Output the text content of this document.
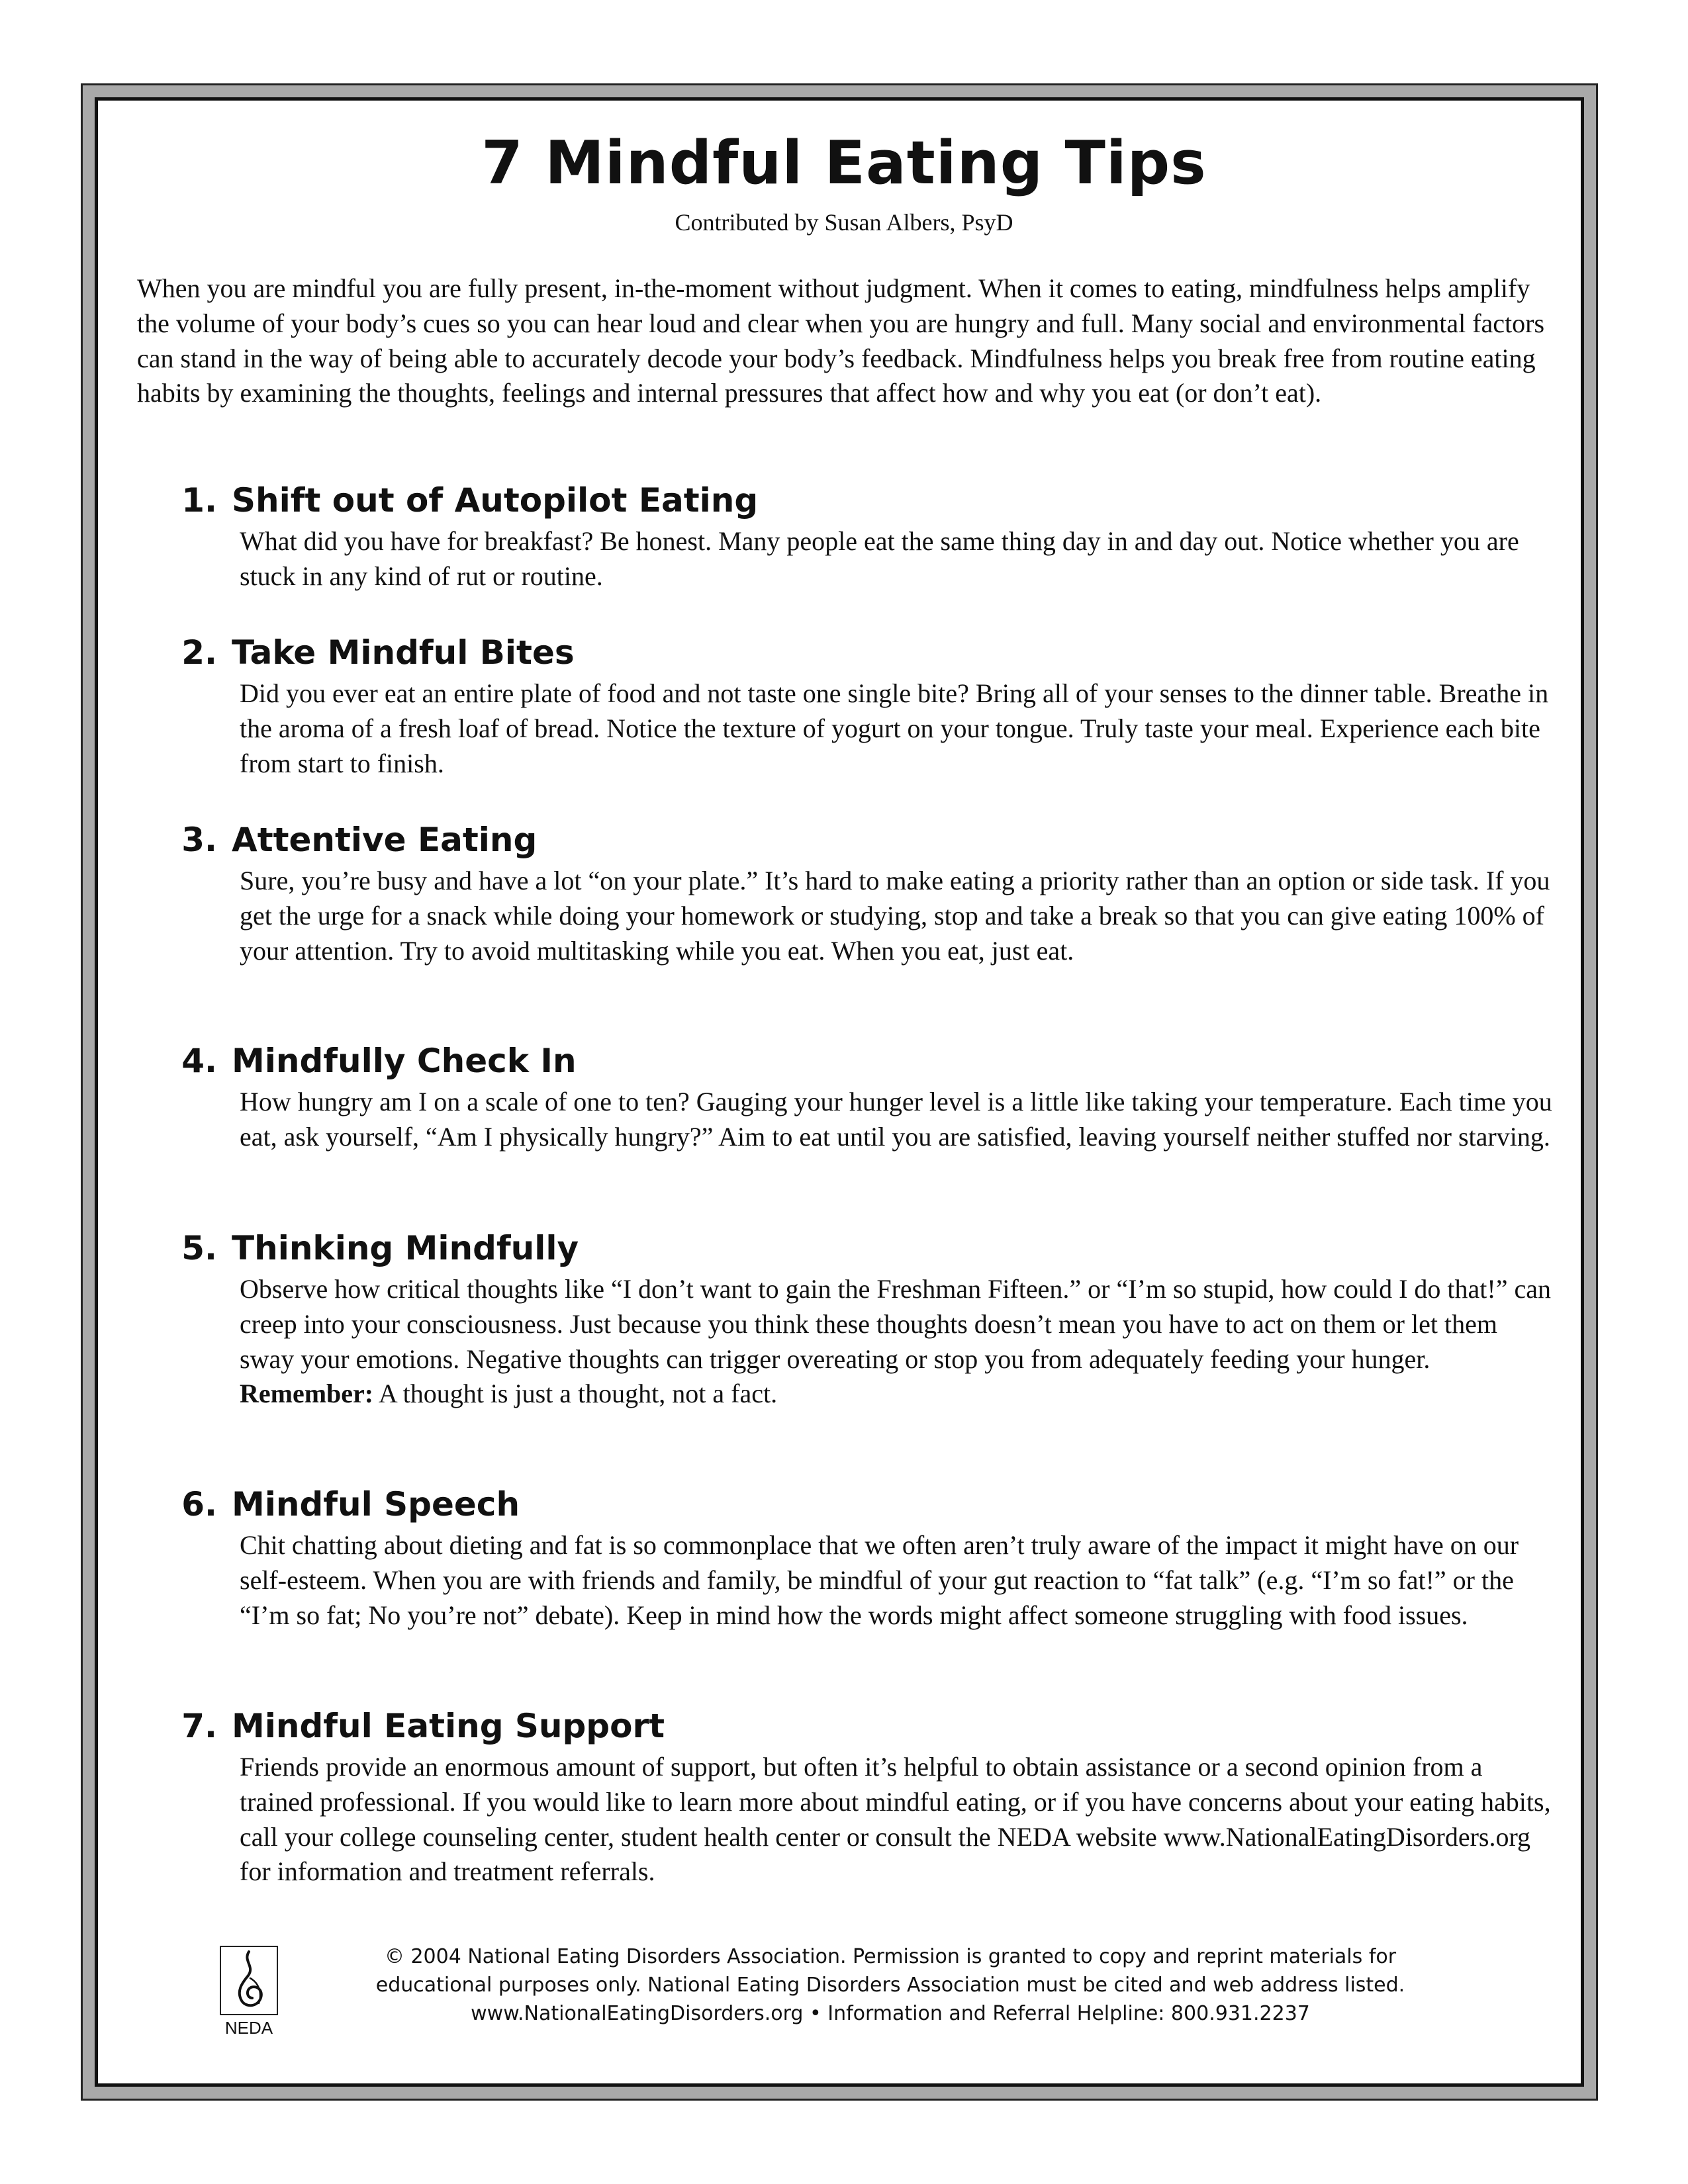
7 Mindful Eating Tips

Contributed by Susan Albers, PsyD

When you are mindful you are fully present, in-the-moment without judgment. When it comes to eating, mindfulness helps amplify the volume of your body’s cues so you can hear loud and clear when you are hungry and full. Many social and environmental factors can stand in the way of being able to accurately decode your body’s feedback. Mindfulness helps you break free from routine eating habits by examining the thoughts, feelings and internal pressures that affect how and why you eat (or don’t eat).

1. Shift out of Autopilot Eating

What did you have for breakfast? Be honest. Many people eat the same thing day in and day out. Notice whether you are stuck in any kind of rut or routine.

2. Take Mindful Bites

Did you ever eat an entire plate of food and not taste one single bite? Bring all of your senses to the dinner table. Breathe in the aroma of a fresh loaf of bread. Notice the texture of yogurt on your tongue. Truly taste your meal. Experience each bite from start to finish.

3. Attentive Eating

Sure, you’re busy and have a lot “on your plate.” It’s hard to make eating a priority rather than an option or side task. If you get the urge for a snack while doing your homework or studying, stop and take a break so that you can give eating 100% of your attention. Try to avoid multitasking while you eat. When you eat, just eat.

4. Mindfully Check In

How hungry am I on a scale of one to ten? Gauging your hunger level is a little like taking your temperature. Each time you eat, ask yourself, “Am I physically hungry?” Aim to eat until you are satisfied, leaving yourself neither stuffed nor starving.

5. Thinking Mindfully

Observe how critical thoughts like “I don’t want to gain the Freshman Fifteen.” or “I’m so stupid, how could I do that!” can creep into your consciousness. Just because you think these thoughts doesn’t mean you have to act on them or let them sway your emotions. Negative thoughts can trigger overeating or stop you from adequately feeding your hunger.

Remember: A thought is just a thought, not a fact.

6. Mindful Speech

Chit chatting about dieting and fat is so commonplace that we often aren’t truly aware of the impact it might have on our self-esteem. When you are with friends and family, be mindful of your gut reaction to “fat talk” (e.g. “I’m so fat!” or the “I’m so fat; No you’re not” debate). Keep in mind how the words might affect someone struggling with food issues.

7. Mindful Eating Support

Friends provide an enormous amount of support, but often it’s helpful to obtain assistance or a second opinion from a trained professional. If you would like to learn more about mindful eating, or if you have concerns about your eating habits, call your college counseling center, student health center or consult the NEDA website www.NationalEatingDisorders.org for information and treatment referrals.

NEDA

© 2004 National Eating Disorders Association. Permission is granted to copy and reprint materials for

educational purposes only. National Eating Disorders Association must be cited and web address listed.

www.NationalEatingDisorders.org • Information and Referral Helpline: 800.931.2237
